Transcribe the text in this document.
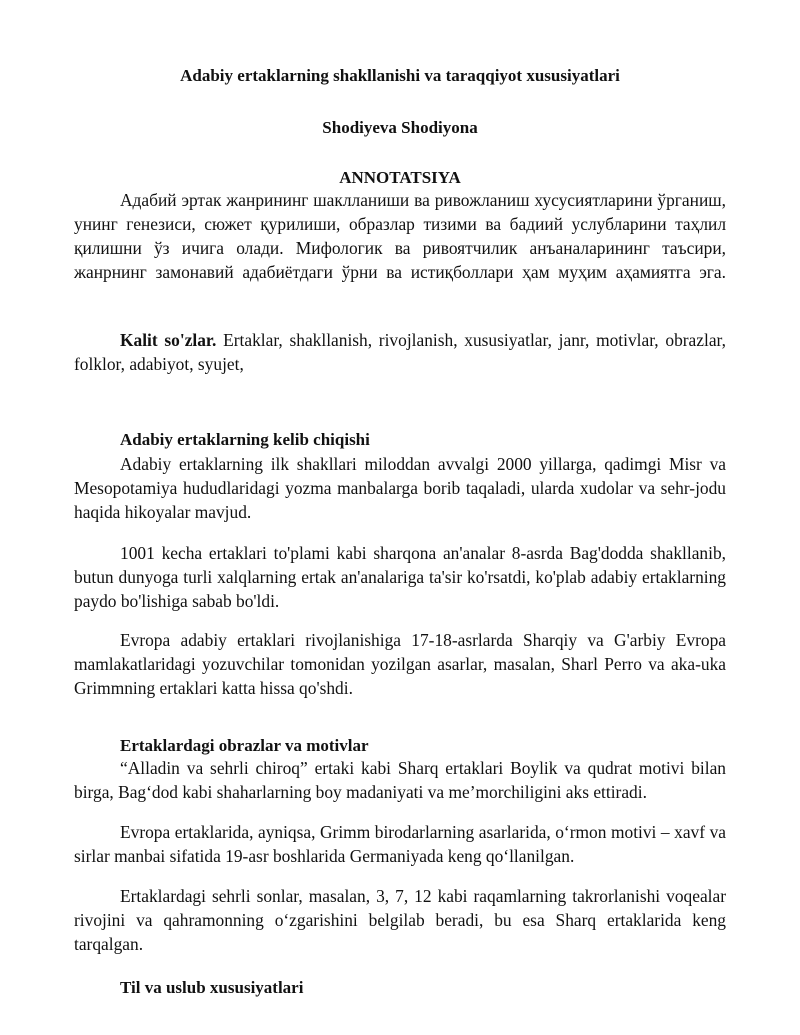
Adabiy ertaklarning shakllanishi va taraqqiyot xususiyatlari
Shodiyeva Shodiyona
ANNOTATSIYA

Адабий эртак жанрининг шаклланиши ва ривожланиш хусусиятларини ўрганиш, унинг генезиси, сюжет қурилиши, образлар тизими ва бадиий услубларини таҳлил қилишни ўз ичига олади. Мифологик ва ривоятчилик анъаналарининг таъсири, жанрнинг замонавий адабиётдаги ўрни ва истиқболлари ҳам муҳим аҳамиятга эга.

Kalit so'zlar. Ertaklar, shakllanish, rivojlanish, xususiyatlar, janr, motivlar, obrazlar, folklor, adabiyot, syujet,

Adabiy ertaklarning kelib chiqishi

Adabiy ertaklarning ilk shakllari miloddan avvalgi 2000 yillarga, qadimgi Misr va Mesopotamiya hududlaridagi yozma manbalarga borib taqaladi, ularda xudolar va sehr-jodu haqida hikoyalar mavjud.

1001 kecha ertaklari to'plami kabi sharqona an'analar 8-asrda Bag'dodda shakllanib, butun dunyoga turli xalqlarning ertak an'analariga ta'sir ko'rsatdi, ko'plab adabiy ertaklarning paydo bo'lishiga sabab bo'ldi.

Evropa adabiy ertaklari rivojlanishiga 17-18-asrlarda Sharqiy va G'arbiy Evropa mamlakatlaridagi yozuvchilar tomonidan yozilgan asarlar, masalan, Sharl Perro va aka-uka Grimmning ertaklari katta hissa qo'shdi.

Ertaklardagi obrazlar va motivlar

“Alladin va sehrli chiroq” ertaki kabi Sharq ertaklari Boylik va qudrat motivi bilan birga, Bag‘dod kabi shaharlarning boy madaniyati va me’morchiligini aks ettiradi.

Evropa ertaklarida, ayniqsa, Grimm birodarlarning asarlarida, o‘rmon motivi – xavf va sirlar manbai sifatida 19-asr boshlarida Germaniyada keng qo‘llanilgan.

Ertaklardagi sehrli sonlar, masalan, 3, 7, 12 kabi raqamlarning takrorlanishi voqealar rivojini va qahramonning o‘zgarishini belgilab beradi, bu esa Sharq ertaklarida keng tarqalgan.

Til va uslub xususiyatlari
